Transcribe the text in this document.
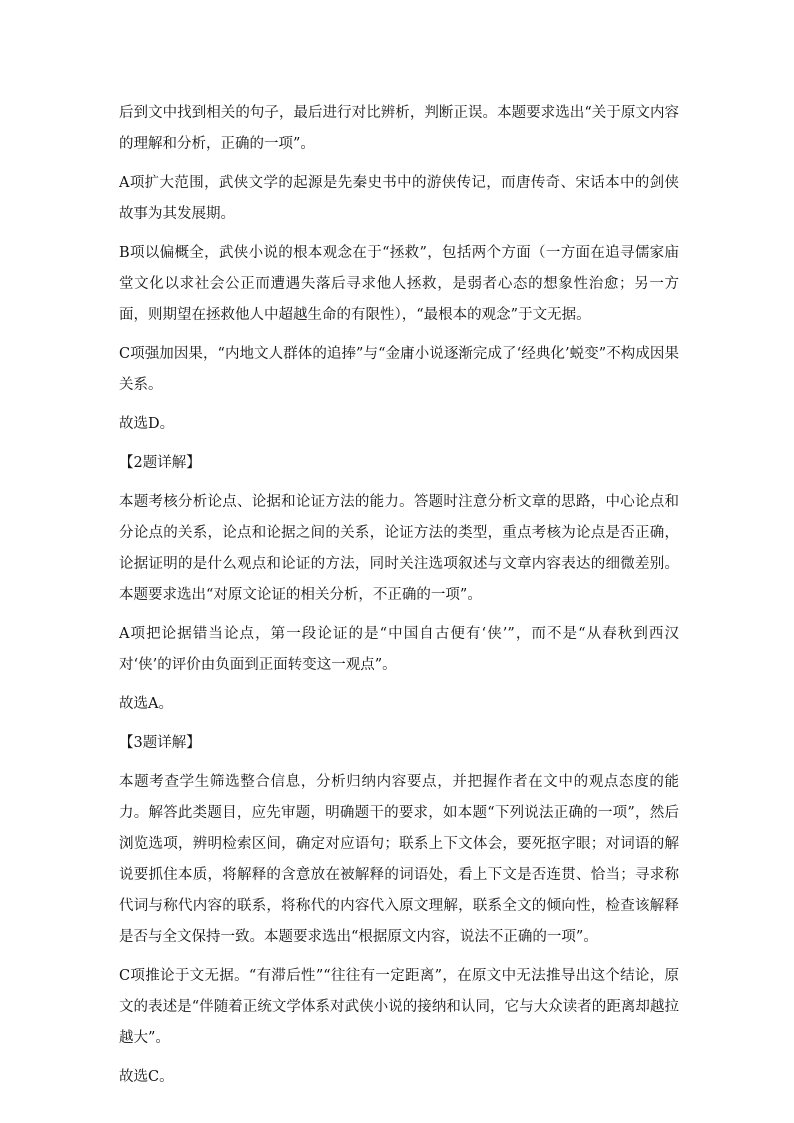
后到文中找到相关的句子，最后进行对比辨析，判断正误。本题要求选出“关于原文内容的理解和分析，正确的一项”。

A项扩大范围，武侠文学的起源是先秦史书中的游侠传记，而唐传奇、宋话本中的剑侠故事为其发展期。

B项以偏概全，武侠小说的根本观念在于“拯救”，包括两个方面（一方面在追寻儒家庙堂文化以求社会公正而遭遇失落后寻求他人拯救，是弱者心态的想象性治愈；另一方面，则期望在拯救他人中超越生命的有限性），“最根本的观念”于文无据。

C项强加因果，“内地文人群体的追捧”与“金庸小说逐渐完成了‘经典化’蜕变”不构成因果关系。

故选D。

【2题详解】

本题考核分析论点、论据和论证方法的能力。答题时注意分析文章的思路，中心论点和分论点的关系，论点和论据之间的关系，论证方法的类型，重点考核为论点是否正确，论据证明的是什么观点和论证的方法，同时关注选项叙述与文章内容表达的细微差别。本题要求选出“对原文论证的相关分析，不正确的一项”。

A项把论据错当论点，第一段论证的是“中国自古便有‘侠’”，而不是“从春秋到西汉对‘侠’的评价由负面到正面转变这一观点”。

故选A。

【3题详解】

本题考查学生筛选整合信息，分析归纳内容要点，并把握作者在文中的观点态度的能力。解答此类题目，应先审题，明确题干的要求，如本题“下列说法正确的一项”，然后浏览选项，辨明检索区间，确定对应语句；联系上下文体会，要死抠字眼；对词语的解说要抓住本质，将解释的含意放在被解释的词语处，看上下文是否连贯、恰当；寻求称代词与称代内容的联系，将称代的内容代入原文理解，联系全文的倾向性，检查该解释是否与全文保持一致。本题要求选出“根据原文内容，说法不正确的一项”。

C项推论于文无据。“有滞后性”“往往有一定距离”，在原文中无法推导出这个结论，原文的表述是“伴随着正统文学体系对武侠小说的接纳和认同，它与大众读者的距离却越拉越大”。

故选C。
